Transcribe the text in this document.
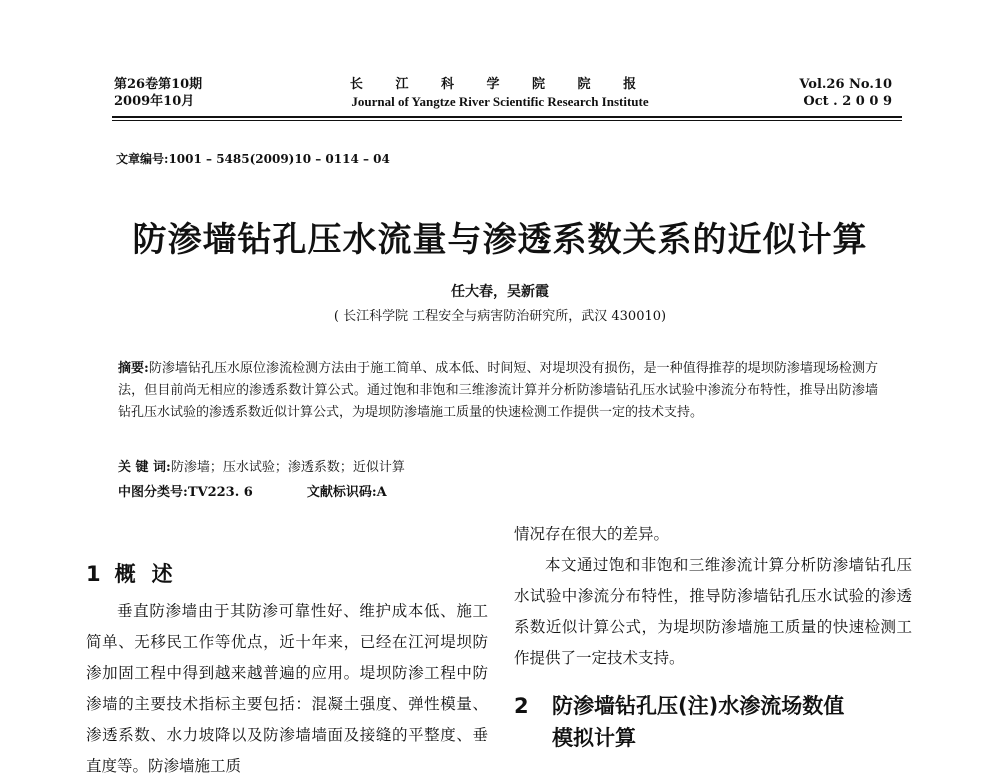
第26卷第10期
2009年10月
长 江 科 学 院 院 报
Journal of Yangtze River Scientific Research Institute
Vol.26 No.10
Oct . 2 0 0 9
文章编号:1001 – 5485(2009)10 – 0114 – 04
防渗墙钻孔压水流量与渗透系数关系的近似计算
任大春，吴新霞
( 长江科学院 工程安全与病害防治研究所，武汉 430010)
摘要:防渗墙钻孔压水原位渗流检测方法由于施工简单、成本低、时间短、对堤坝没有损伤，是一种值得推荐的堤坝防渗墙现场检测方法，但目前尚无相应的渗透系数计算公式。通过饱和非饱和三维渗流计算并分析防渗墙钻孔压水试验中渗流分布特性，推导出防渗墙钻孔压水试验的渗透系数近似计算公式，为堤坝防渗墙施工质量的快速检测工作提供一定的技术支持。
关 键 词:防渗墙；压水试验；渗透系数；近似计算
中图分类号:TV223. 6	文献标识码:A
1 概述

垂直防渗墙由于其防渗可靠性好、维护成本低、施工简单、无移民工作等优点，近十年来，已经在江河堤坝防渗加固工程中得到越来越普遍的应用。堤坝防渗工程中防渗墙的主要技术指标主要包括：混凝土强度、弹性模量、渗透系数、水力坡降以及防渗墙墙面及接缝的平整度、垂直度等。防渗墙施工质

情况存在很大的差异。

本文通过饱和非饱和三维渗流计算分析防渗墙钻孔压水试验中渗流分布特性，推导防渗墙钻孔压水试验的渗透系数近似计算公式，为堤坝防渗墙施工质量的快速检测工作提供了一定技术支持。

2 防渗墙钻孔压(注)水渗流场数值
模拟计算
